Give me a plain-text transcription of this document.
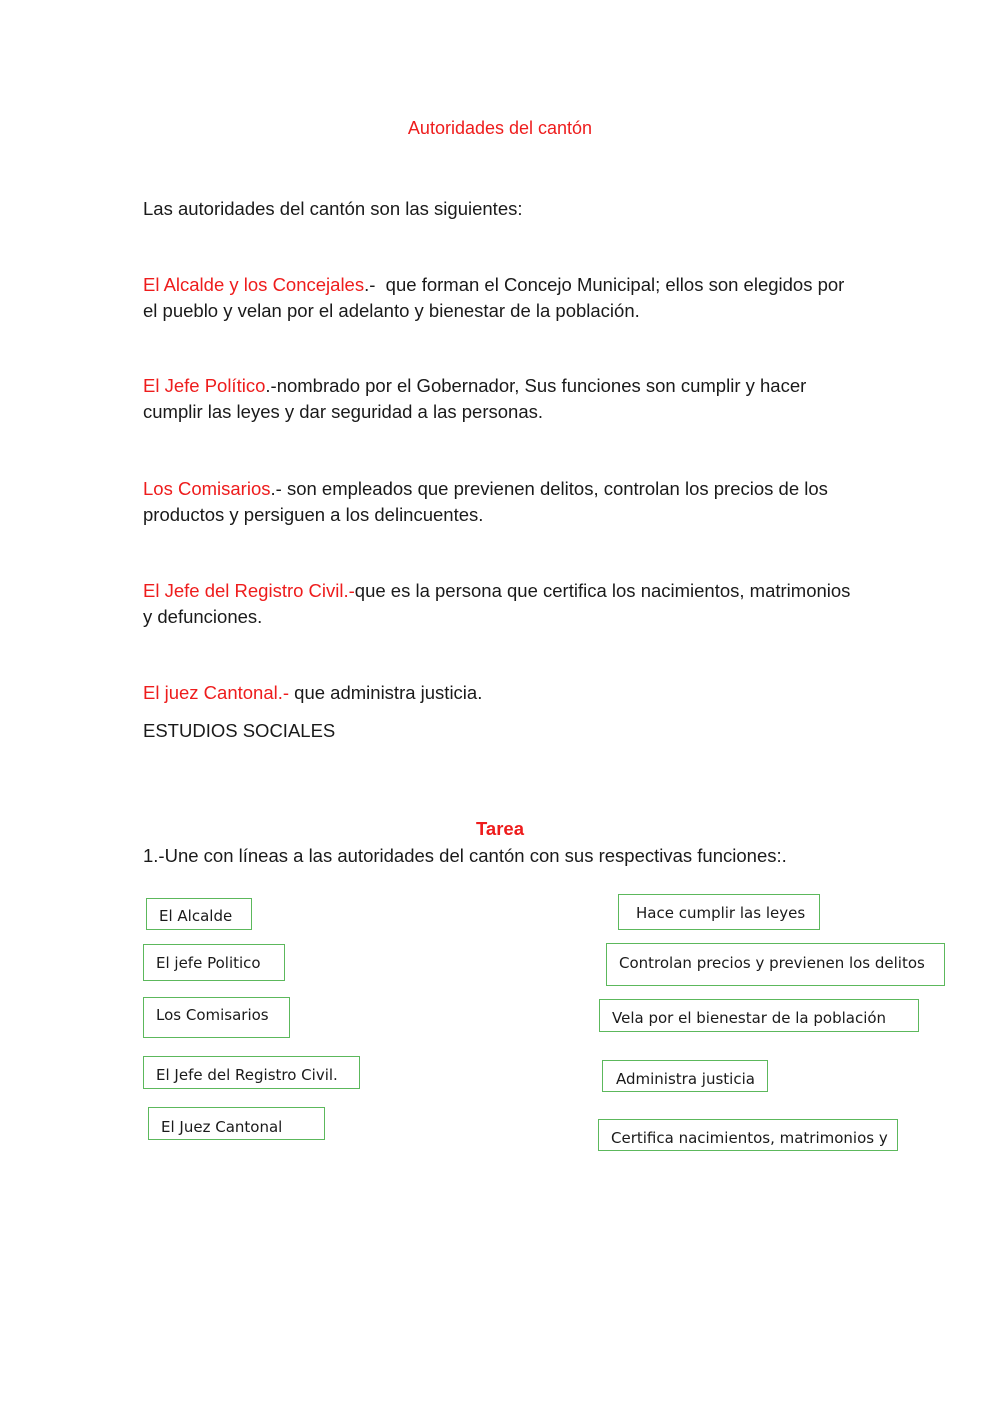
Autoridades del cantón
Las autoridades del cantón son las siguientes:
El Alcalde y los Concejales.-  que forman el Concejo Municipal; ellos son elegidos por el pueblo y velan por el adelanto y bienestar de la población.
El Jefe Político.-nombrado por el Gobernador, Sus funciones son cumplir y hacer cumplir las leyes y dar seguridad a las personas.
Los Comisarios.- son empleados que previenen delitos, controlan los precios de los productos y persiguen a los delincuentes.
El Jefe del Registro Civil.-que es la persona que certifica los nacimientos, matrimonios y defunciones.
El juez Cantonal.- que administra justicia.
ESTUDIOS SOCIALES
Tarea
1.-Une con líneas a las autoridades del cantón con sus respectivas funciones:.
El Alcalde
El jefe Politico
Los Comisarios
El Jefe del Registro Civil.
El Juez Cantonal
Hace cumplir las leyes
Controlan precios y previenen los delitos
Vela por el bienestar de la población
Administra justicia
Certifica nacimientos, matrimonios y
